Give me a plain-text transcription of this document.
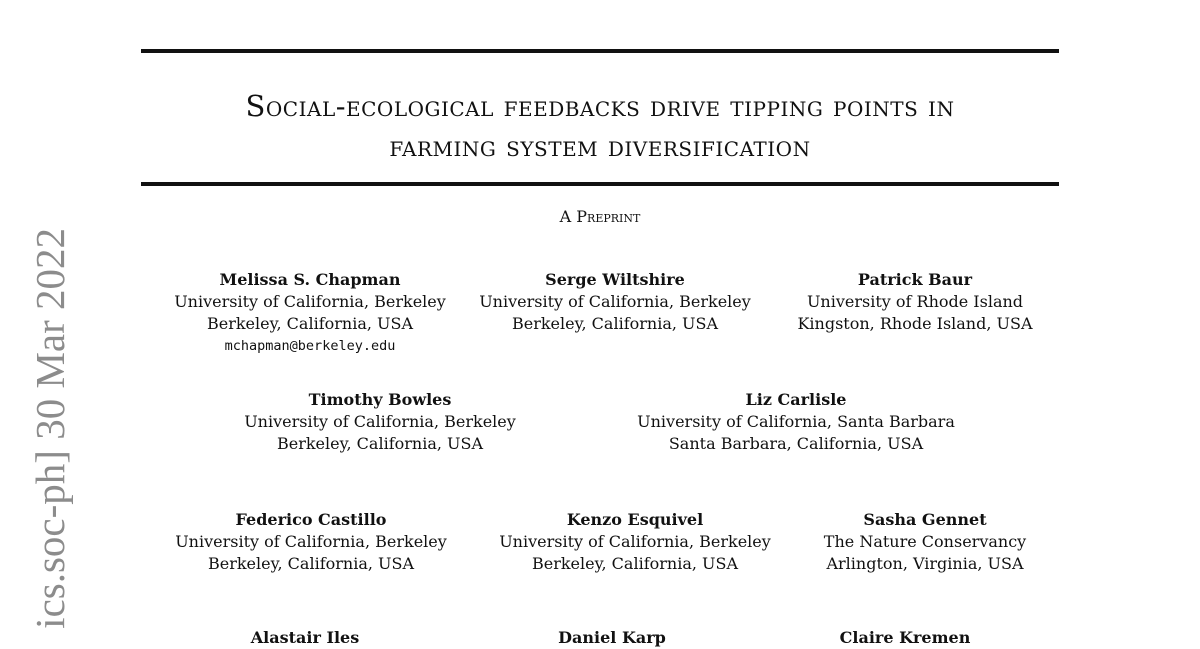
ics.soc-ph] 30 Mar 2022
Social-ecological feedbacks drive tipping points in
farming system diversification
A Preprint
Melissa S. Chapman
University of California, Berkeley
Berkeley, California, USA
mchapman@berkeley.edu
Serge Wiltshire
University of California, Berkeley
Berkeley, California, USA
Patrick Baur
University of Rhode Island
Kingston, Rhode Island, USA
Timothy Bowles
University of California, Berkeley
Berkeley, California, USA
Liz Carlisle
University of California, Santa Barbara
Santa Barbara, California, USA
Federico Castillo
University of California, Berkeley
Berkeley, California, USA
Kenzo Esquivel
University of California, Berkeley
Berkeley, California, USA
Sasha Gennet
The Nature Conservancy
Arlington, Virginia, USA
Alastair Iles	Daniel Karp	Claire Kremen
